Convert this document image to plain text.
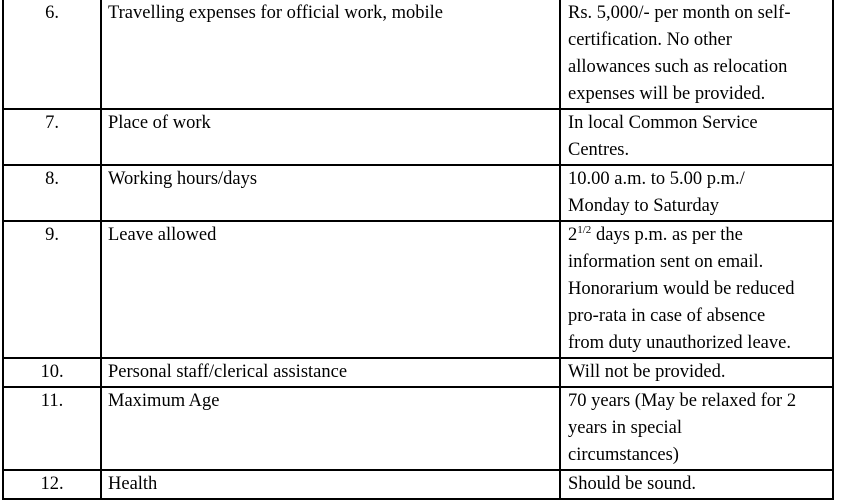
6.	Travelling expenses for official work, mobile	Rs. 5,000/- per month on self-
certification. No other
allowances such as relocation
expenses will be provided.

7.	Place of work	In local Common Service
Centres.

8.	Working hours/days	10.00 a.m. to 5.00 p.m./
Monday to Saturday

9.	Leave allowed	$2^{1/2}$ days p.m. as per the
information sent on email.
Honorarium would be reduced
pro-rata in case of absence
from duty unauthorized leave.

10.	Personal staff/clerical assistance	Will not be provided.

11.	Maximum Age	70 years (May be relaxed for 2
years in special
circumstances)

12.	Health	Should be sound.
